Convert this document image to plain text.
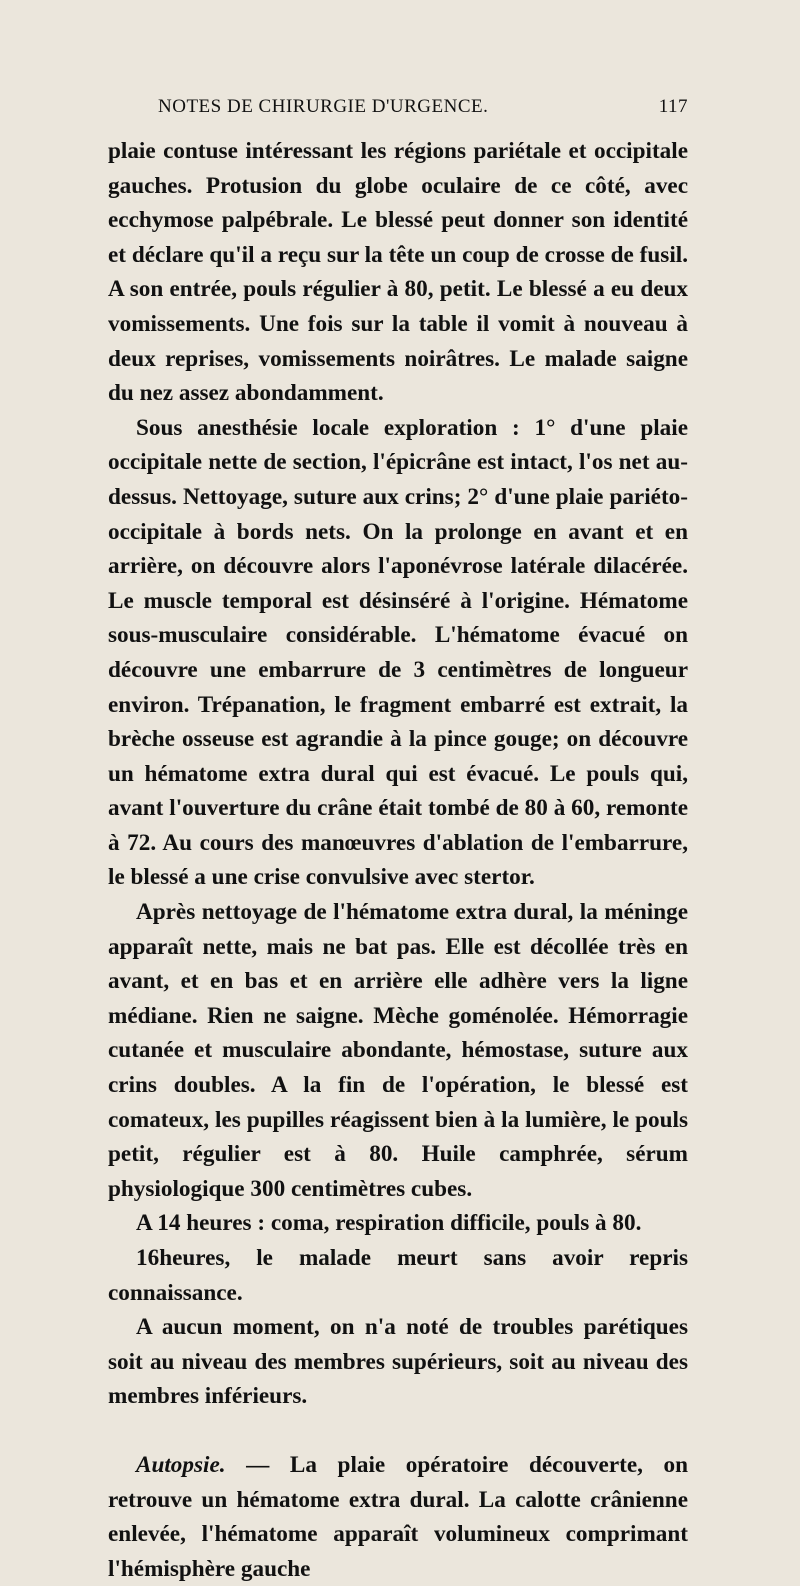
NOTES DE CHIRURGIE D'URGENCE.	117

plaie contuse intéressant les régions pariétale et occipitale gauches. Protusion du globe oculaire de ce côté, avec ecchymose palpébrale. Le blessé peut donner son identité et déclare qu'il a reçu sur la tête un coup de crosse de fusil. A son entrée, pouls régulier à 80, petit. Le blessé a eu deux vomissements. Une fois sur la table il vomit à nouveau à deux reprises, vomissements noirâtres. Le malade saigne du nez assez abondamment.

Sous anesthésie locale exploration : 1° d'une plaie occipitale nette de section, l'épicrâne est intact, l'os net au-dessus. Nettoyage, suture aux crins; 2° d'une plaie pariéto-occipitale à bords nets. On la prolonge en avant et en arrière, on découvre alors l'aponévrose latérale dilacérée. Le muscle temporal est désinséré à l'origine. Hématome sous-musculaire considérable. L'hématome évacué on découvre une embarrure de 3 centimètres de longueur environ. Trépanation, le fragment embarré est extrait, la brèche osseuse est agrandie à la pince gouge; on découvre un hématome extra dural qui est évacué. Le pouls qui, avant l'ouverture du crâne était tombé de 80 à 60, remonte à 72. Au cours des manœuvres d'ablation de l'embarrure, le blessé a une crise convulsive avec stertor.

Après nettoyage de l'hématome extra dural, la méninge apparaît nette, mais ne bat pas. Elle est décollée très en avant, et en bas et en arrière elle adhère vers la ligne médiane. Rien ne saigne. Mèche goménolée. Hémorragie cutanée et musculaire abondante, hémostase, suture aux crins doubles. A la fin de l'opération, le blessé est comateux, les pupilles réagissent bien à la lumière, le pouls petit, régulier est à 80. Huile camphrée, sérum physiologique 300 centimètres cubes.

A 14 heures : coma, respiration difficile, pouls à 80.

16heures, le malade meurt sans avoir repris connaissance.

A aucun moment, on n'a noté de troubles parétiques soit au niveau des membres supérieurs, soit au niveau des membres inférieurs.

Autopsie. — La plaie opératoire découverte, on retrouve un hématome extra dural. La calotte crânienne enlevée, l'hématome apparaît volumineux comprimant l'hémisphère gauche
